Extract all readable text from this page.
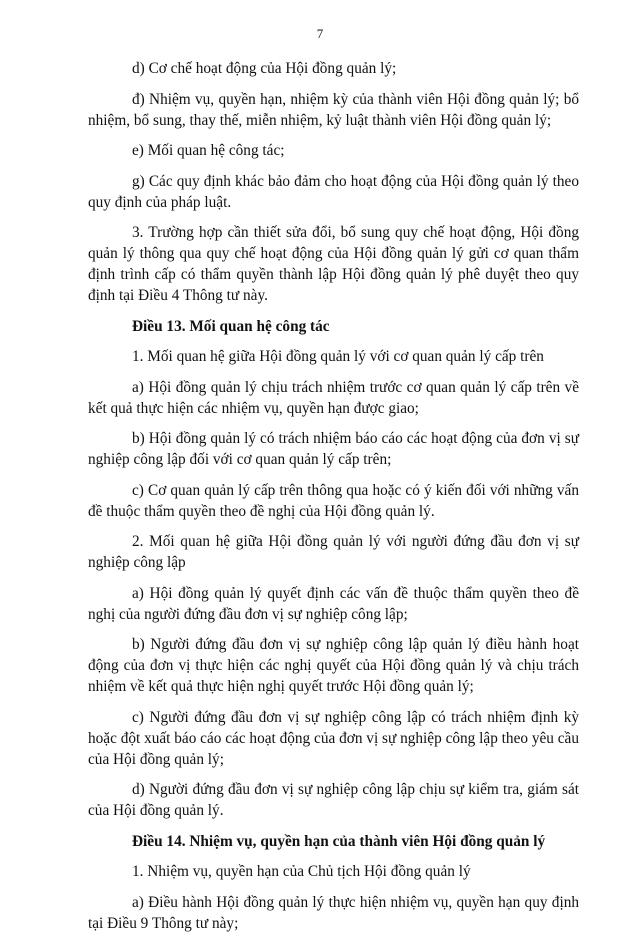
7

d) Cơ chế hoạt động của Hội đồng quản lý;

đ) Nhiệm vụ, quyền hạn, nhiệm kỳ của thành viên Hội đồng quản lý; bổ nhiệm, bổ sung, thay thế, miễn nhiệm, kỷ luật thành viên Hội đồng quản lý;

e) Mối quan hệ công tác;

g) Các quy định khác bảo đảm cho hoạt động của Hội đồng quản lý theo quy định của pháp luật.

3. Trường hợp cần thiết sửa đổi, bổ sung quy chế hoạt động, Hội đồng quản lý thông qua quy chế hoạt động của Hội đồng quản lý gửi cơ quan thẩm định trình cấp có thẩm quyền thành lập Hội đồng quản lý phê duyệt theo quy định tại Điều 4 Thông tư này.

Điều 13. Mối quan hệ công tác

1. Mối quan hệ giữa Hội đồng quản lý với cơ quan quản lý cấp trên

a) Hội đồng quản lý chịu trách nhiệm trước cơ quan quản lý cấp trên về kết quả thực hiện các nhiệm vụ, quyền hạn được giao;

b) Hội đồng quản lý có trách nhiệm báo cáo các hoạt động của đơn vị sự nghiệp công lập đối với cơ quan quản lý cấp trên;

c) Cơ quan quản lý cấp trên thông qua hoặc có ý kiến đối với những vấn đề thuộc thẩm quyền theo đề nghị của Hội đồng quản lý.

2. Mối quan hệ giữa Hội đồng quản lý với người đứng đầu đơn vị sự nghiệp công lập

a) Hội đồng quản lý quyết định các vấn đề thuộc thẩm quyền theo đề nghị của người đứng đầu đơn vị sự nghiệp công lập;

b) Người đứng đầu đơn vị sự nghiệp công lập quản lý điều hành hoạt động của đơn vị thực hiện các nghị quyết của Hội đồng quản lý và chịu trách nhiệm về kết quả thực hiện nghị quyết trước Hội đồng quản lý;

c) Người đứng đầu đơn vị sự nghiệp công lập có trách nhiệm định kỳ hoặc đột xuất báo cáo các hoạt động của đơn vị sự nghiệp công lập theo yêu cầu của Hội đồng quản lý;

d) Người đứng đầu đơn vị sự nghiệp công lập chịu sự kiểm tra, giám sát của Hội đồng quản lý.

Điều 14. Nhiệm vụ, quyền hạn của thành viên Hội đồng quản lý

1. Nhiệm vụ, quyền hạn của Chủ tịch Hội đồng quản lý

a) Điều hành Hội đồng quản lý thực hiện nhiệm vụ, quyền hạn quy định tại Điều 9 Thông tư này;
